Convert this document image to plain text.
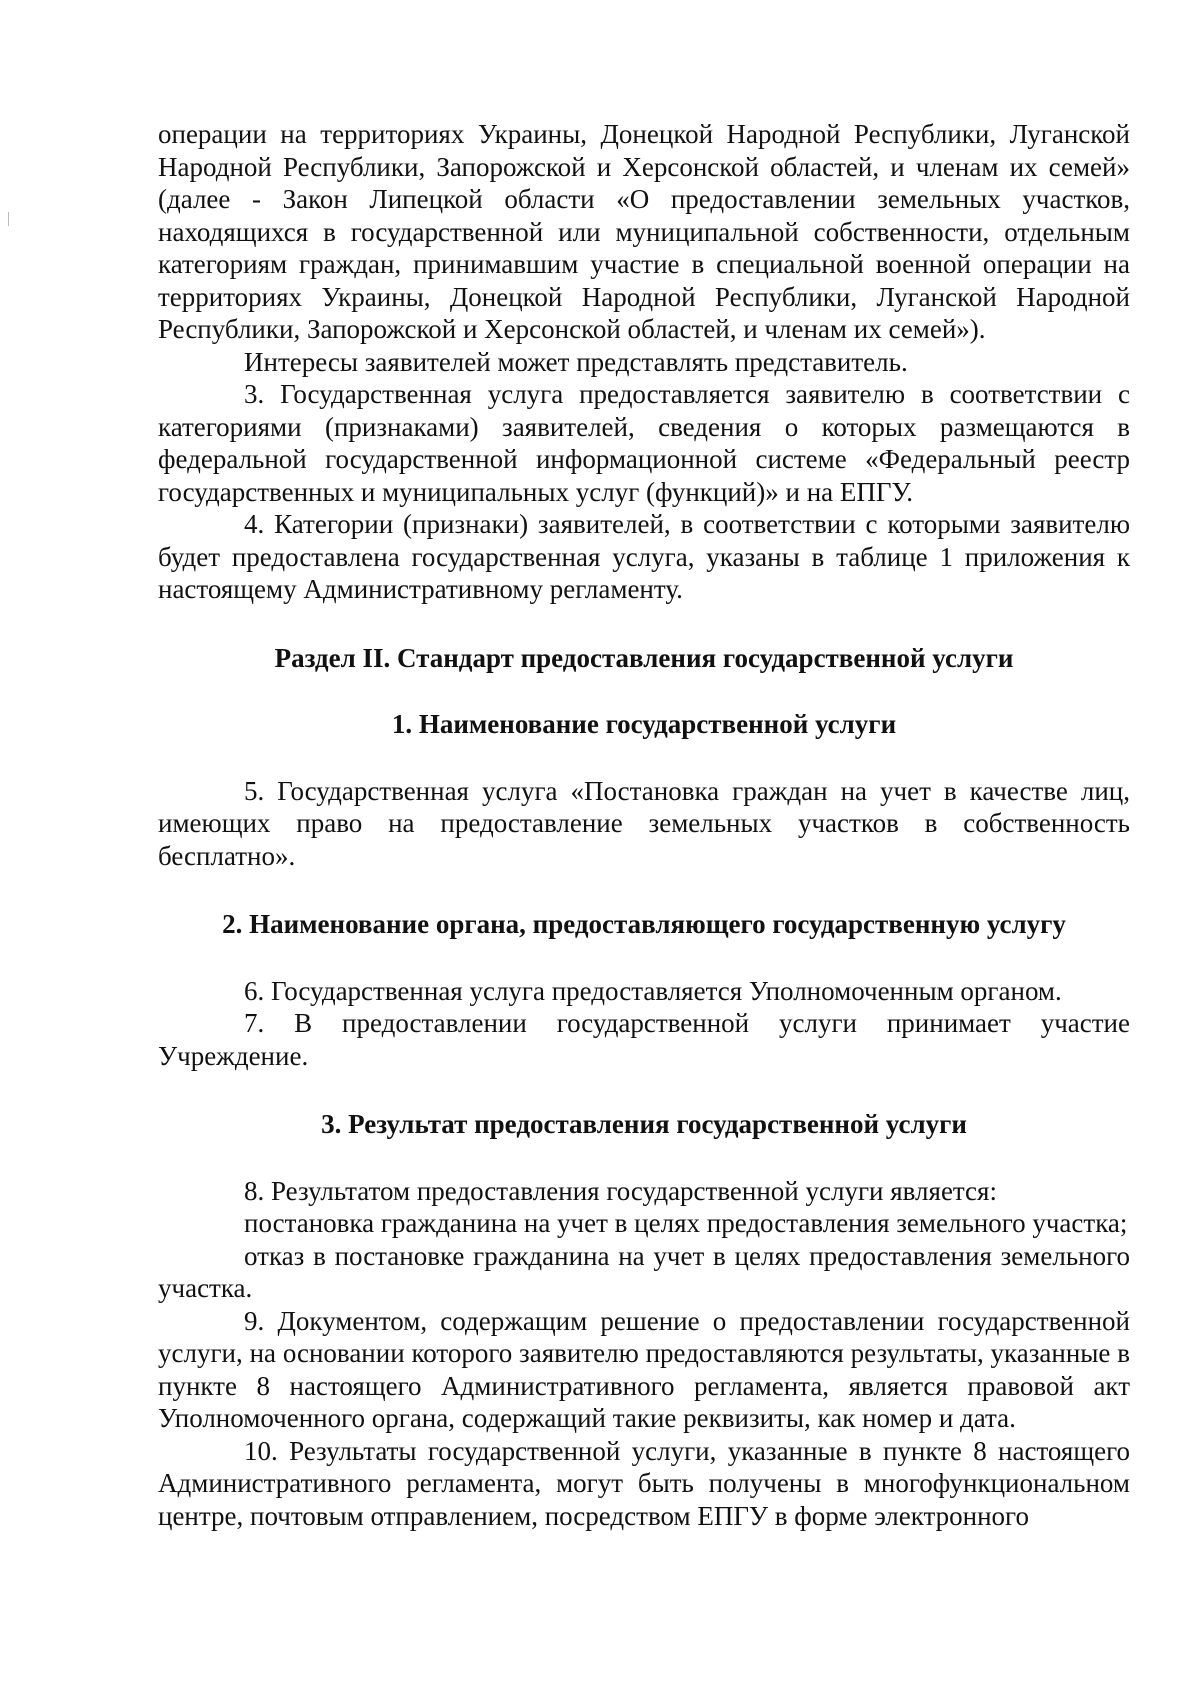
операции на территориях Украины, Донецкой Народной Республики, Луганской Народной Республики, Запорожской и Херсонской областей, и членам их семей» (далее - Закон Липецкой области «О предоставлении земельных участков, находящихся в государственной или муниципальной собственности, отдельным категориям граждан, принимавшим участие в специальной военной операции на территориях Украины, Донецкой Народной Республики, Луганской Народной Республики, Запорожской и Херсонской областей, и членам их семей»).

Интересы заявителей может представлять представитель.

3. Государственная услуга предоставляется заявителю в соответствии с категориями (признаками) заявителей, сведения о которых размещаются в федеральной государственной информационной системе «Федеральный реестр государственных и муниципальных услуг (функций)» и на ЕПГУ.

4. Категории (признаки) заявителей, в соответствии с которыми заявителю будет предоставлена государственная услуга, указаны в таблице 1 приложения к настоящему Административному регламенту.

Раздел II. Стандарт предоставления государственной услуги

1. Наименование государственной услуги

5. Государственная услуга «Постановка граждан на учет в качестве лиц, имеющих право на предоставление земельных участков в собственность бесплатно».

2. Наименование органа, предоставляющего государственную услугу

6. Государственная услуга предоставляется Уполномоченным органом.

7. В предоставлении государственной услуги принимает участие Учреждение.

3. Результат предоставления государственной услуги

8. Результатом предоставления государственной услуги является:

постановка гражданина на учет в целях предоставления земельного участка;

отказ в постановке гражданина на учет в целях предоставления земельного участка.

9. Документом, содержащим решение о предоставлении государственной услуги, на основании которого заявителю предоставляются результаты, указанные в пункте 8 настоящего Административного регламента, является правовой акт Уполномоченного органа, содержащий такие реквизиты, как номер и дата.

10. Результаты государственной услуги, указанные в пункте 8 настоящего Административного регламента, могут быть получены в многофункциональном центре, почтовым отправлением, посредством ЕПГУ в форме электронного
